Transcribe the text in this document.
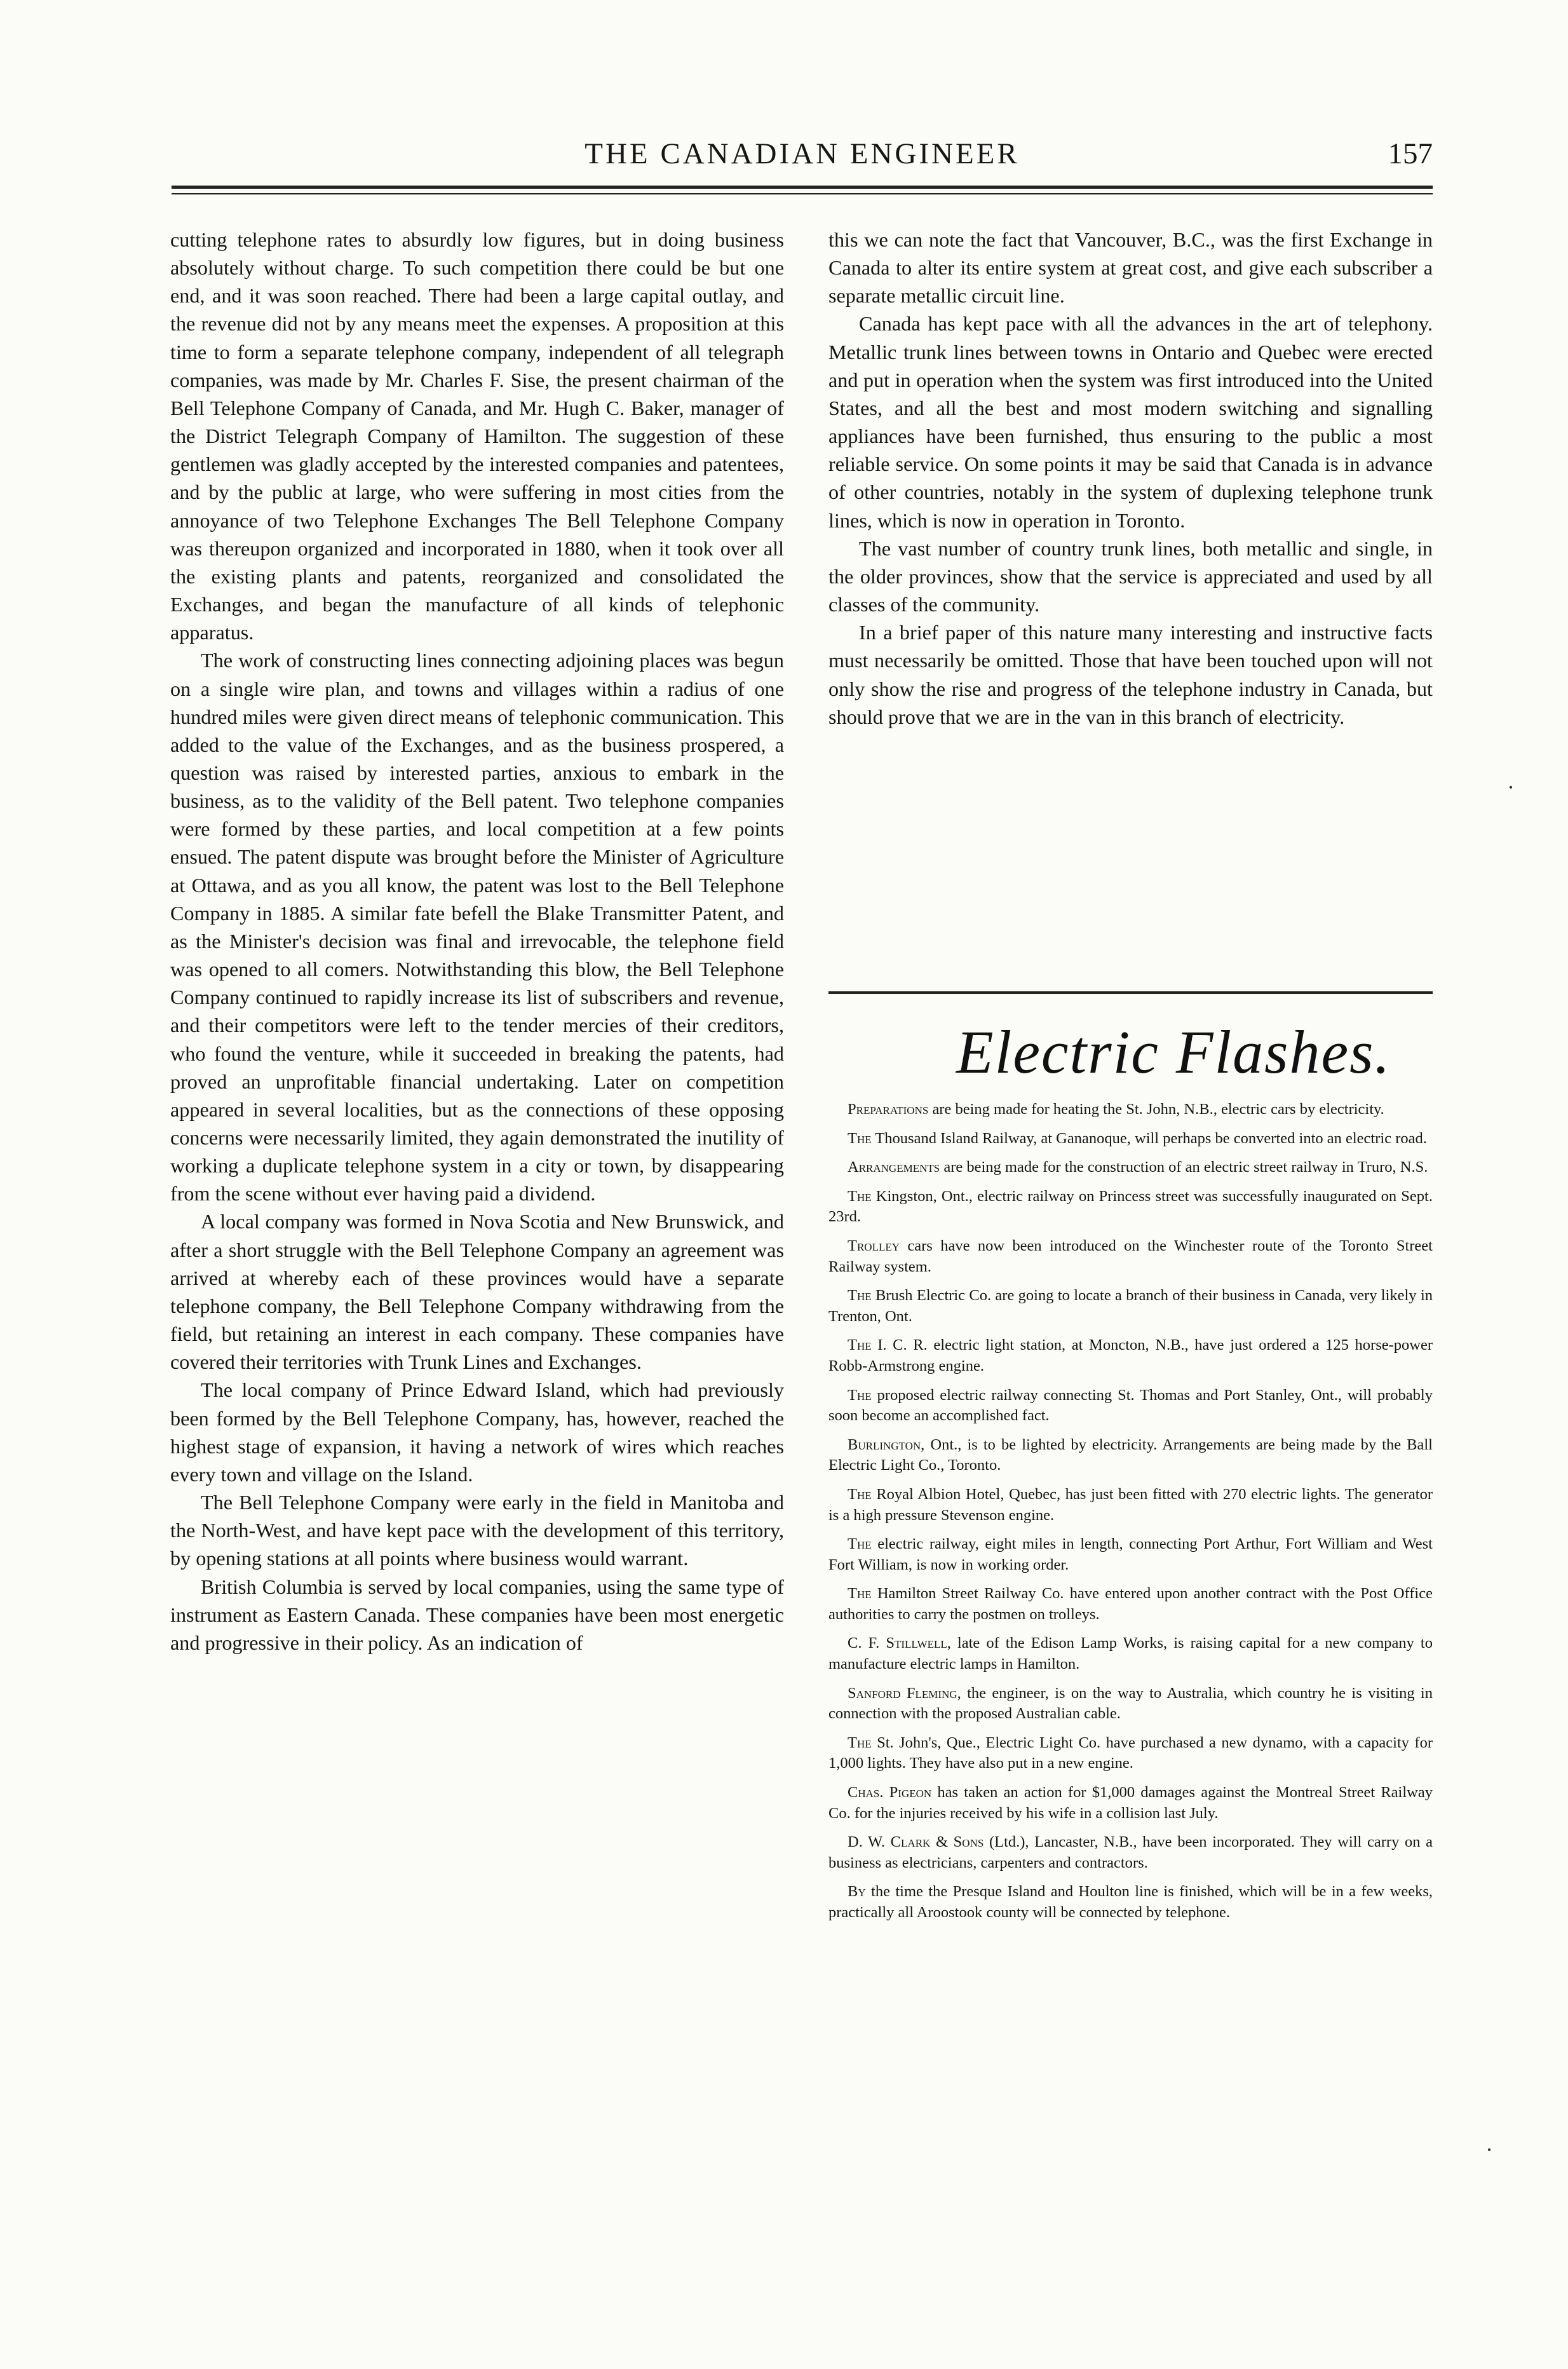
THE CANADIAN ENGINEER	157

cutting telephone rates to absurdly low figures, but in doing business absolutely without charge. To such competition there could be but one end, and it was soon reached. There had been a large capital outlay, and the revenue did not by any means meet the expenses. A proposition at this time to form a separate telephone company, independent of all telegraph companies, was made by Mr. Charles F. Sise, the present chairman of the Bell Telephone Company of Canada, and Mr. Hugh C. Baker, manager of the District Telegraph Company of Hamilton. The suggestion of these gentlemen was gladly accepted by the interested companies and patentees, and by the public at large, who were suffering in most cities from the annoyance of two Telephone Exchanges The Bell Telephone Company was thereupon organized and incorporated in 1880, when it took over all the existing plants and patents, reorganized and consolidated the Exchanges, and began the manufacture of all kinds of telephonic apparatus.

The work of constructing lines connecting adjoining places was begun on a single wire plan, and towns and villages within a radius of one hundred miles were given direct means of telephonic communication. This added to the value of the Exchanges, and as the business prospered, a question was raised by interested parties, anxious to embark in the business, as to the validity of the Bell patent. Two telephone companies were formed by these parties, and local competition at a few points ensued. The patent dispute was brought before the Minister of Agriculture at Ottawa, and as you all know, the patent was lost to the Bell Telephone Company in 1885. A similar fate befell the Blake Transmitter Patent, and as the Minister's decision was final and irrevocable, the telephone field was opened to all comers. Notwithstanding this blow, the Bell Telephone Company continued to rapidly increase its list of subscribers and revenue, and their competitors were left to the tender mercies of their creditors, who found the venture, while it succeeded in breaking the patents, had proved an unprofitable financial undertaking. Later on competition appeared in several localities, but as the connections of these opposing concerns were necessarily limited, they again demonstrated the inutility of working a duplicate telephone system in a city or town, by disappearing from the scene without ever having paid a dividend.

A local company was formed in Nova Scotia and New Brunswick, and after a short struggle with the Bell Telephone Company an agreement was arrived at whereby each of these provinces would have a separate telephone company, the Bell Telephone Company withdrawing from the field, but retaining an interest in each company. These companies have covered their territories with Trunk Lines and Exchanges.

The local company of Prince Edward Island, which had previously been formed by the Bell Telephone Company, has, however, reached the highest stage of expansion, it having a network of wires which reaches every town and village on the Island.

The Bell Telephone Company were early in the field in Manitoba and the North-West, and have kept pace with the development of this territory, by opening stations at all points where business would warrant.

British Columbia is served by local companies, using the same type of instrument as Eastern Canada. These companies have been most energetic and progressive in their policy. As an indication of

this we can note the fact that Vancouver, B.C., was the first Exchange in Canada to alter its entire system at great cost, and give each subscriber a separate metallic circuit line.

Canada has kept pace with all the advances in the art of telephony. Metallic trunk lines between towns in Ontario and Quebec were erected and put in operation when the system was first introduced into the United States, and all the best and most modern switching and signalling appliances have been furnished, thus ensuring to the public a most reliable service. On some points it may be said that Canada is in advance of other countries, notably in the system of duplexing telephone trunk lines, which is now in operation in Toronto.

The vast number of country trunk lines, both metallic and single, in the older provinces, show that the service is appreciated and used by all classes of the community.

In a brief paper of this nature many interesting and instructive facts must necessarily be omitted. Those that have been touched upon will not only show the rise and progress of the telephone industry in Canada, but should prove that we are in the van in this branch of electricity.

Electric Flashes.

Preparations are being made for heating the St. John, N.B., electric cars by electricity.

The Thousand Island Railway, at Gananoque, will perhaps be converted into an electric road.

Arrangements are being made for the construction of an electric street railway in Truro, N.S.

The Kingston, Ont., electric railway on Princess street was successfully inaugurated on Sept. 23rd.

Trolley cars have now been introduced on the Winchester route of the Toronto Street Railway system.

The Brush Electric Co. are going to locate a branch of their business in Canada, very likely in Trenton, Ont.

The I. C. R. electric light station, at Moncton, N.B., have just ordered a 125 horse-power Robb-Armstrong engine.

The proposed electric railway connecting St. Thomas and Port Stanley, Ont., will probably soon become an accomplished fact.

Burlington, Ont., is to be lighted by electricity. Arrangements are being made by the Ball Electric Light Co., Toronto.

The Royal Albion Hotel, Quebec, has just been fitted with 270 electric lights. The generator is a high pressure Stevenson engine.

The electric railway, eight miles in length, connecting Port Arthur, Fort William and West Fort William, is now in working order.

The Hamilton Street Railway Co. have entered upon another contract with the Post Office authorities to carry the postmen on trolleys.

C. F. Stillwell, late of the Edison Lamp Works, is raising capital for a new company to manufacture electric lamps in Hamilton.

Sanford Fleming, the engineer, is on the way to Australia, which country he is visiting in connection with the proposed Australian cable.

The St. John's, Que., Electric Light Co. have purchased a new dynamo, with a capacity for 1,000 lights. They have also put in a new engine.

Chas. Pigeon has taken an action for $1,000 damages against the Montreal Street Railway Co. for the injuries received by his wife in a collision last July.

D. W. Clark & Sons (Ltd.), Lancaster, N.B., have been incorporated. They will carry on a business as electricians, carpenters and contractors.

By the time the Presque Island and Houlton line is finished, which will be in a few weeks, practically all Aroostook county will be connected by telephone.

·
·
